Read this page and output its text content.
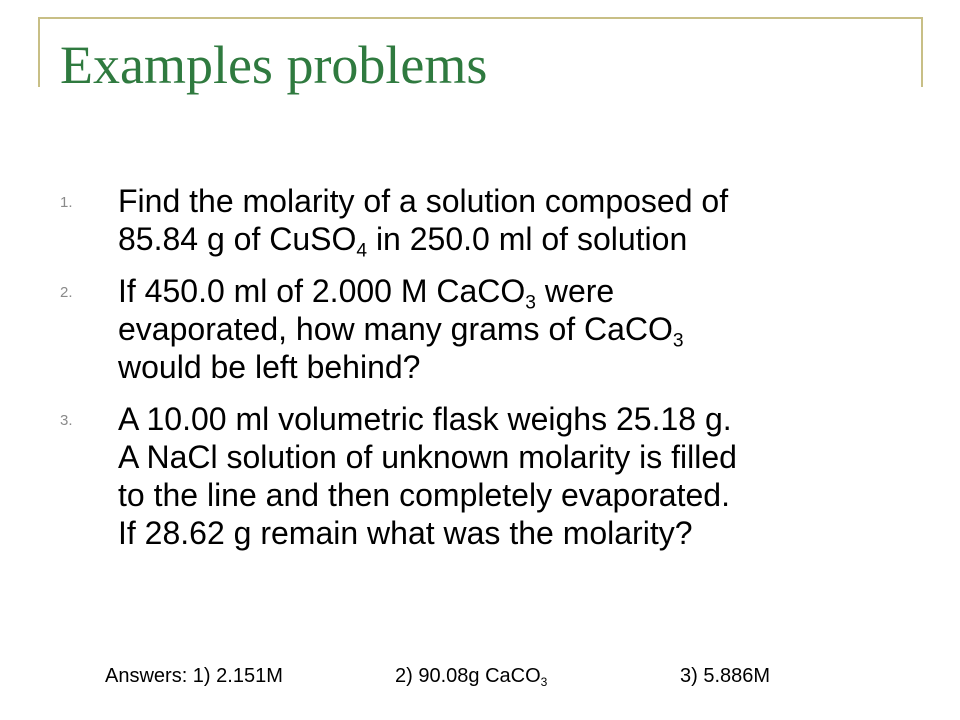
Examples problems
1. Find the molarity of a solution composed of
85.84 g of CuSO$_4$ in 250.0 ml of solution
2. If 450.0 ml of 2.000 M CaCO$_3$ were
evaporated, how many grams of CaCO$_3$
would be left behind?
3. A 10.00 ml volumetric flask weighs 25.18 g.
A NaCl solution of unknown molarity is filled
to the line and then completely evaporated.
If 28.62 g remain what was the molarity?
Answers: 1) 2.151M	2) 90.08g CaCO$_3$	3) 5.886M
